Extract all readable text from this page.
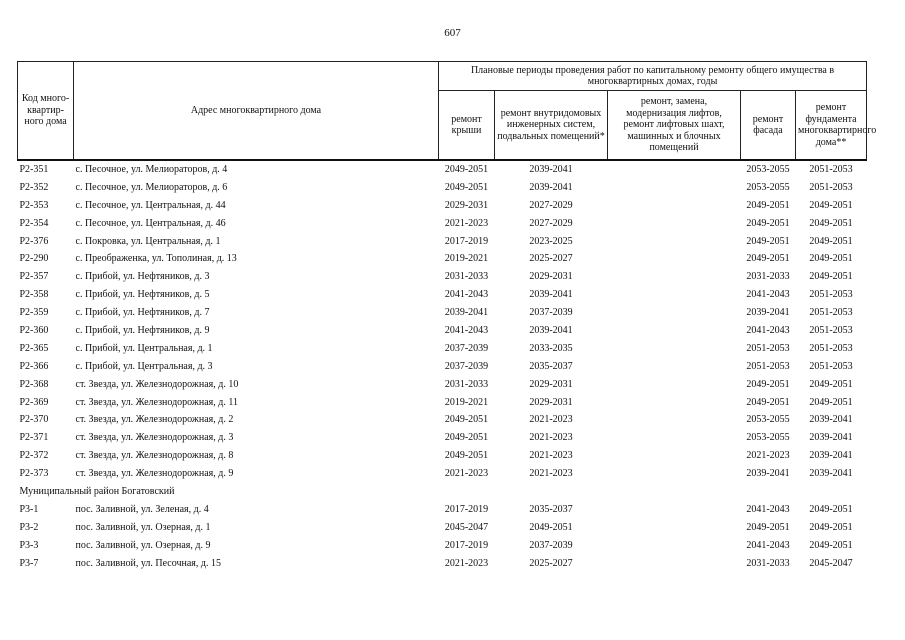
607
Код много-квартир-ного дома	Адрес многоквартирного дома	Плановые периоды проведения работ по капитальному ремонту общего имущества в многоквартирных домах, годы				
		ремонт крыши	ремонт внутридомовых инженерных систем, подвальных помещений*	ремонт, замена, модернизация лифтов, ремонт лифтовых шахт, машинных и блочных помещений	ремонт фасада	ремонт фундамента многоквартирного дома**
Р2-351	с. Песочное, ул. Мелиораторов, д. 4	2049-2051	2039-2041		2053-2055	2051-2053
Р2-352	с. Песочное, ул. Мелиораторов, д. 6	2049-2051	2039-2041		2053-2055	2051-2053
Р2-353	с. Песочное, ул. Центральная, д. 44	2029-2031	2027-2029		2049-2051	2049-2051
Р2-354	с. Песочное, ул. Центральная, д. 46	2021-2023	2027-2029		2049-2051	2049-2051
Р2-376	с. Покровка, ул. Центральная, д. 1	2017-2019	2023-2025		2049-2051	2049-2051
Р2-290	с. Преображенка, ул. Тополиная, д. 13	2019-2021	2025-2027		2049-2051	2049-2051
Р2-357	с. Прибой, ул. Нефтяников, д. 3	2031-2033	2029-2031		2031-2033	2049-2051
Р2-358	с. Прибой, ул. Нефтяников, д. 5	2041-2043	2039-2041		2041-2043	2051-2053
Р2-359	с. Прибой, ул. Нефтяников, д. 7	2039-2041	2037-2039		2039-2041	2051-2053
Р2-360	с. Прибой, ул. Нефтяников, д. 9	2041-2043	2039-2041		2041-2043	2051-2053
Р2-365	с. Прибой, ул. Центральная, д. 1	2037-2039	2033-2035		2051-2053	2051-2053
Р2-366	с. Прибой, ул. Центральная, д. 3	2037-2039	2035-2037		2051-2053	2051-2053
Р2-368	ст. Звезда, ул. Железнодорожная, д. 10	2031-2033	2029-2031		2049-2051	2049-2051
Р2-369	ст. Звезда, ул. Железнодорожная, д. 11	2019-2021	2029-2031		2049-2051	2049-2051
Р2-370	ст. Звезда, ул. Железнодорожная, д. 2	2049-2051	2021-2023		2053-2055	2039-2041
Р2-371	ст. Звезда, ул. Железнодорожная, д. 3	2049-2051	2021-2023		2053-2055	2039-2041
Р2-372	ст. Звезда, ул. Железнодорожная, д. 8	2049-2051	2021-2023		2021-2023	2039-2041
Р2-373	ст. Звезда, ул. Железнодорожная, д. 9	2021-2023	2021-2023		2039-2041	2039-2041
Муниципальный район Богатовский						
Р3-1	пос. Заливной, ул. Зеленая, д. 4	2017-2019	2035-2037		2041-2043	2049-2051
Р3-2	пос. Заливной, ул. Озерная, д. 1	2045-2047	2049-2051		2049-2051	2049-2051
Р3-3	пос. Заливной, ул. Озерная, д. 9	2017-2019	2037-2039		2041-2043	2049-2051
Р3-7	пос. Заливной, ул. Песочная, д. 15	2021-2023	2025-2027		2031-2033	2045-2047
